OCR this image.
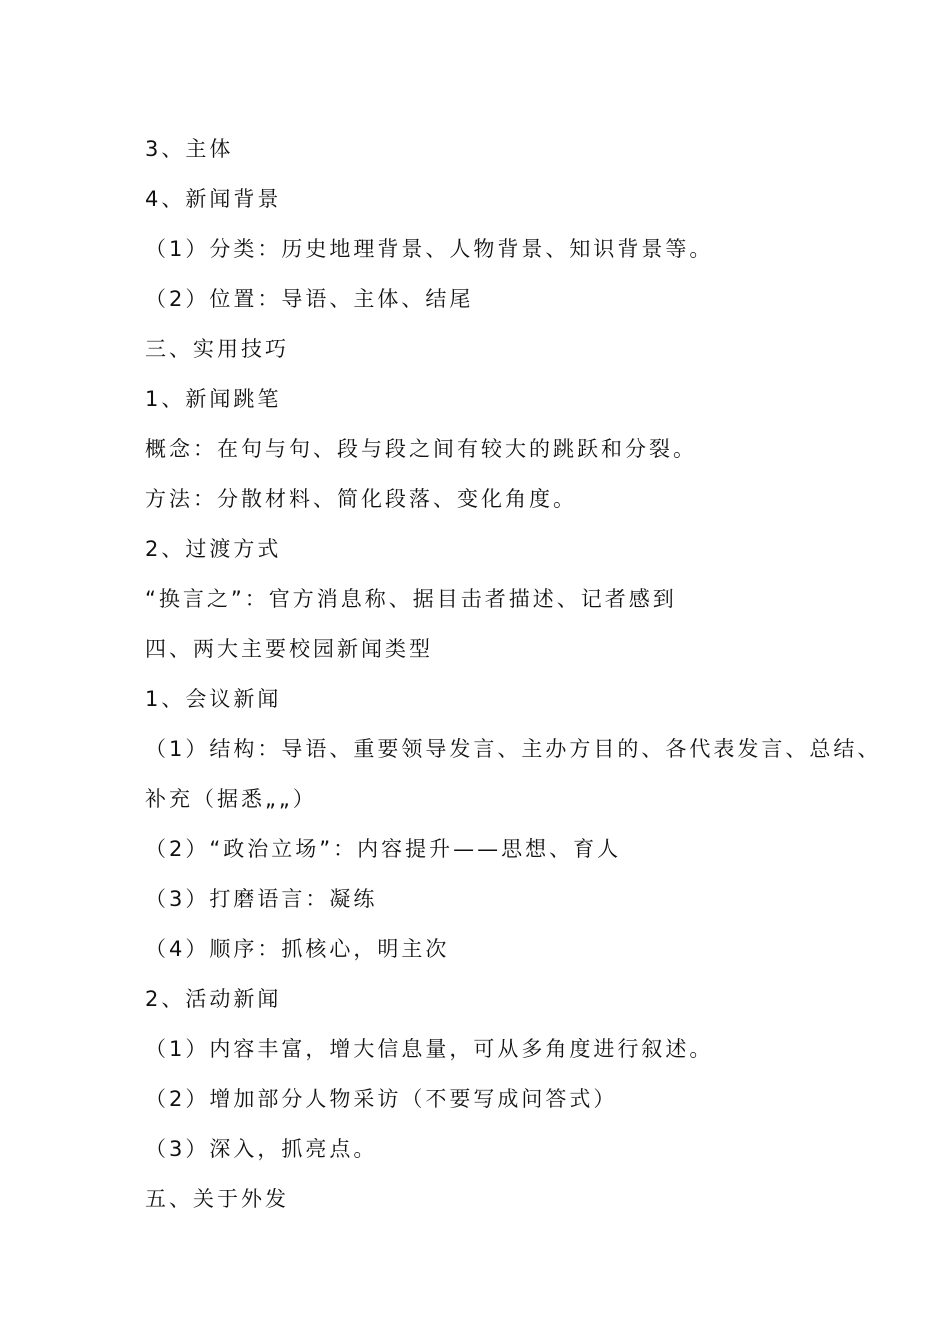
3、主体
4、新闻背景
（1）分类：历史地理背景、人物背景、知识背景等。
（2）位置：导语、主体、结尾
三、实用技巧
1、新闻跳笔
概念：在句与句、段与段之间有较大的跳跃和分裂。
方法：分散材料、简化段落、变化角度。
2、过渡方式
“换言之”：官方消息称、据目击者描述、记者感到
四、两大主要校园新闻类型
1、会议新闻
（1）结构：导语、重要领导发言、主办方目的、各代表发言、总结、
补充（据悉„„）
（2）“政治立场”：内容提升——思想、育人
（3）打磨语言：凝练
（4）顺序：抓核心，明主次
2、活动新闻
（1）内容丰富，增大信息量，可从多角度进行叙述。
（2）增加部分人物采访（不要写成问答式）
（3）深入，抓亮点。
五、关于外发
